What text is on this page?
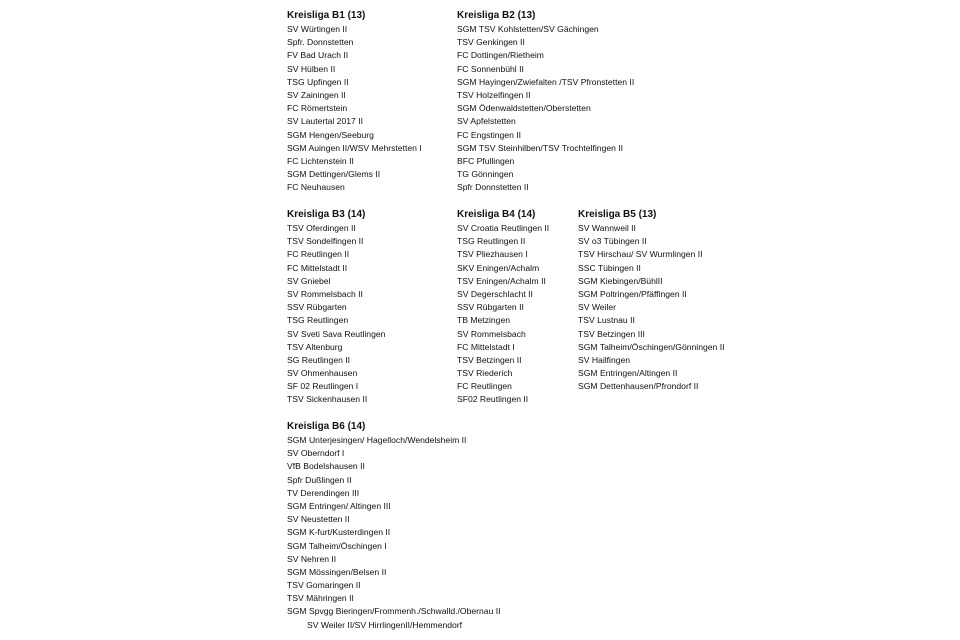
Kreisliga B1 (13)
SV Würtingen II
Spfr. Donnstetten
FV Bad Urach II
SV Hülben II
TSG Upfingen II
SV Zainingen II
FC Römertstein
SV Lautertal 2017 II
SGM Hengen/Seeburg
SGM Auingen II/WSV Mehrstetten I
FC Lichtenstein II
SGM Dettingen/Glems II
FC Neuhausen
Kreisliga B2 (13)
SGM TSV Kohlstetten/SV Gächingen
TSV Genkingen II
FC Dottingen/Rietheim
FC Sonnenbühl II
SGM Hayingen/Zwiefalten /TSV Pfronstetten II
TSV Holzelfingen II
SGM Ödenwaldstetten/Oberstetten
SV Apfelstetten
FC Engstingen II
SGM TSV Steinhilben/TSV Trochtelfingen II
BFC Pfullingen
TG Gönningen
Spfr Donnstetten II
Kreisliga B3 (14)
TSV Oferdingen II
TSV Sondelfingen II
FC Reutlingen II
FC Mittelstadt II
SV Gniebel
SV Rommelsbach II
SSV Rübgarten
TSG Reutlingen
SV Sveti Sava Reutlingen
TSV Altenburg
SG Reutlingen II
SV Ohmenhausen
SF 02 Reutlingen I
TSV Sickenhausen II
Kreisliga B4 (14)
SV Croatia Reutlingen II
TSG Reutlingen II
TSV Pliezhausen I
SKV Eningen/Achalm
TSV Eningen/Achalm II
SV Degerschlacht II
SSV Rübgarten II
TB Metzingen
SV Rommelsbach
FC Mittelstadt I
TSV Betzingen II
TSV Riederich
FC Reutlingen
SF02 Reutlingen II
Kreisliga B5 (13)
SV Wannweil II
SV o3 Tübingen II
TSV Hirschau/ SV Wurmlingen II
SSC Tübingen II
SGM Kiebingen/BühlII
SGM Poltringen/Pfäffingen II
SV Weiler
TSV Lustnau II
TSV Betzingen III
SGM Talheim/Öschingen/Gönningen II
SV Hailfingen
SGM Entringen/Altingen II
SGM Dettenhausen/Pfrondorf II
Kreisliga B6 (14)
SGM Unterjesingen/ Hagelloch/Wendelsheim II
SV Oberndorf I
VfB Bodelshausen II
Spfr Dußlingen II
TV Derendingen III
SGM Entringen/ Altingen III
SV Neustetten II
SGM K-furt/Kusterdingen II
SGM Talheim/Öschingen I
SV Nehren II
SGM Mössingen/Belsen II
TSV Gomaringen II
TSV Mähringen II
SGM Spvgg Bieringen/Frommenh./Schwalld./Obernau II
SV Weiler II/SV HirrlingenII/Hemmendorf
